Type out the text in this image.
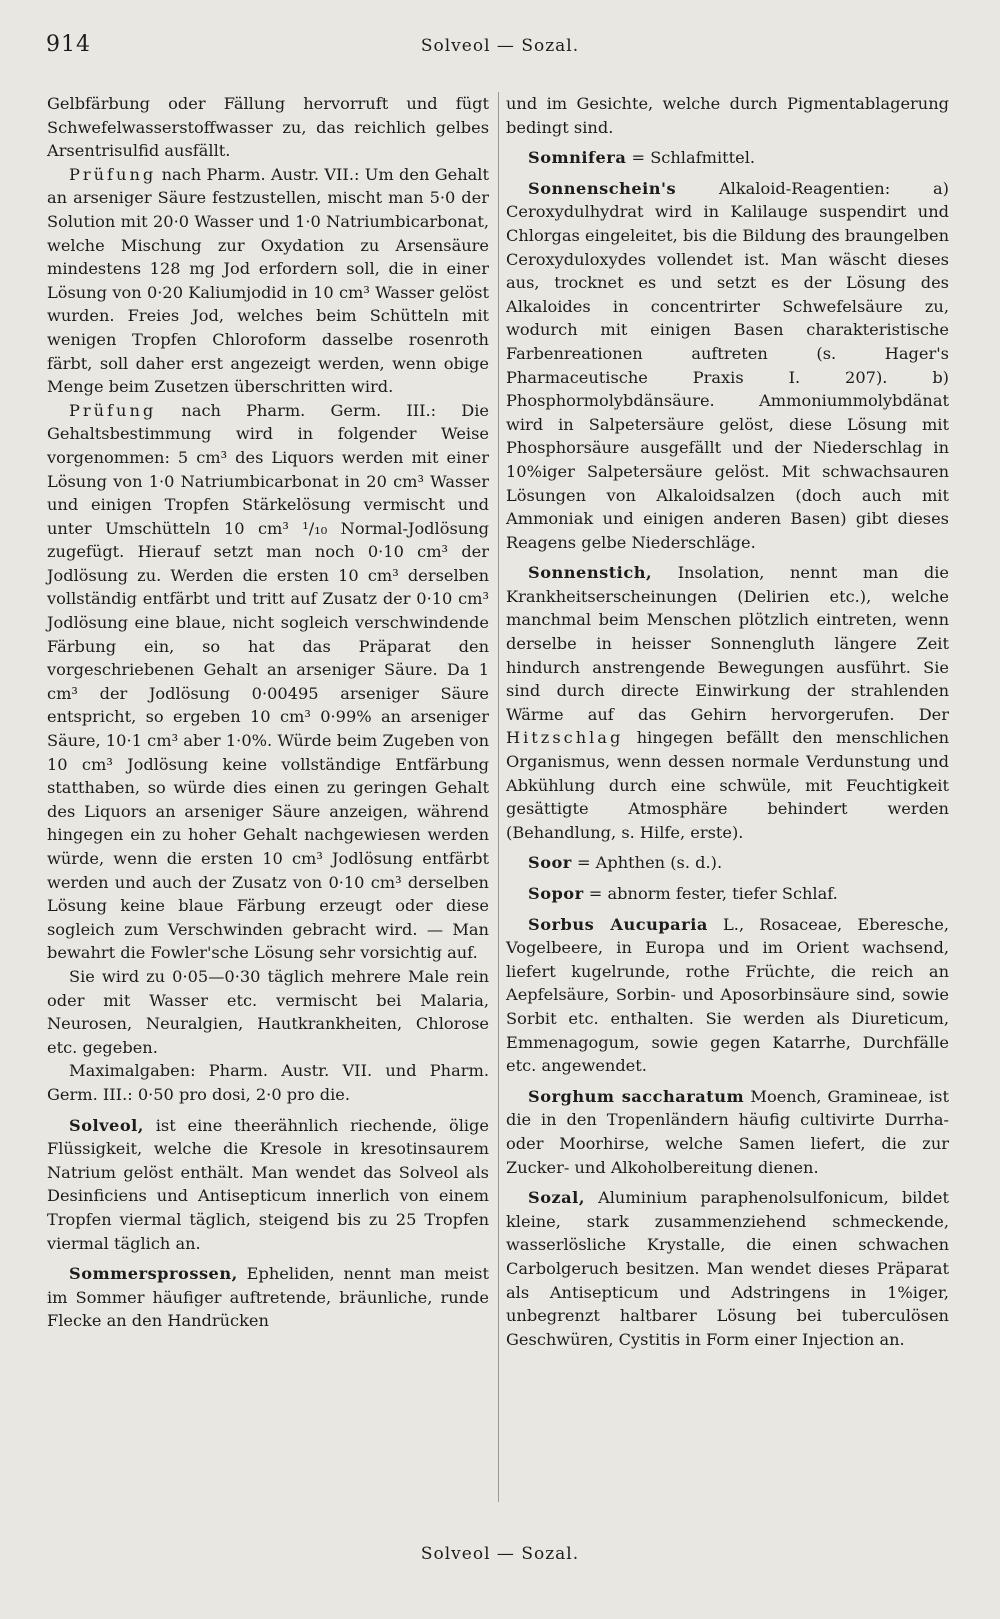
914	Solveol — Sozal.

Gelbfärbung oder Fällung hervorruft und fügt Schwefelwasserstoffwasser zu, das reichlich gelbes Arsentrisulfid ausfällt.

Prüfung nach Pharm. Austr. VII.: Um den Gehalt an arseniger Säure festzustellen, mischt man 5·0 der Solution mit 20·0 Wasser und 1·0 Natriumbicarbonat, welche Mischung zur Oxydation zu Arsensäure mindestens 128 mg Jod erfordern soll, die in einer Lösung von 0·20 Kaliumjodid in 10 cm³ Wasser gelöst wurden. Freies Jod, welches beim Schütteln mit wenigen Tropfen Chloroform dasselbe rosenroth färbt, soll daher erst angezeigt werden, wenn obige Menge beim Zusetzen überschritten wird.

Prüfung nach Pharm. Germ. III.: Die Gehaltsbestimmung wird in folgender Weise vorgenommen: 5 cm³ des Liquors werden mit einer Lösung von 1·0 Natriumbicarbonat in 20 cm³ Wasser und einigen Tropfen Stärkelösung vermischt und unter Umschütteln 10 cm³ ¹/₁₀ Normal-Jodlösung zugefügt. Hierauf setzt man noch 0·10 cm³ der Jodlösung zu. Werden die ersten 10 cm³ derselben vollständig entfärbt und tritt auf Zusatz der 0·10 cm³ Jodlösung eine blaue, nicht sogleich verschwindende Färbung ein, so hat das Präparat den vorgeschriebenen Gehalt an arseniger Säure. Da 1 cm³ der Jodlösung 0·00495 arseniger Säure entspricht, so ergeben 10 cm³ 0·99% an arseniger Säure, 10·1 cm³ aber 1·0%. Würde beim Zugeben von 10 cm³ Jodlösung keine vollständige Entfärbung statthaben, so würde dies einen zu geringen Gehalt des Liquors an arseniger Säure anzeigen, während hingegen ein zu hoher Gehalt nachgewiesen werden würde, wenn die ersten 10 cm³ Jodlösung entfärbt werden und auch der Zusatz von 0·10 cm³ derselben Lösung keine blaue Färbung erzeugt oder diese sogleich zum Verschwinden gebracht wird. — Man bewahrt die Fowler'sche Lösung sehr vorsichtig auf.

Sie wird zu 0·05—0·30 täglich mehrere Male rein oder mit Wasser etc. vermischt bei Malaria, Neurosen, Neuralgien, Hautkrankheiten, Chlorose etc. gegeben.

Maximalgaben: Pharm. Austr. VII. und Pharm. Germ. III.: 0·50 pro dosi, 2·0 pro die.

Solveol, ist eine theerähnlich riechende, ölige Flüssigkeit, welche die Kresole in kresotinsaurem Natrium gelöst enthält. Man wendet das Solveol als Desinficiens und Antisepticum innerlich von einem Tropfen viermal täglich, steigend bis zu 25 Tropfen viermal täglich an.

Sommersprossen, Epheliden, nennt man meist im Sommer häufiger auftretende, bräunliche, runde Flecke an den Handrücken

und im Gesichte, welche durch Pigmentablagerung bedingt sind.

Somnifera = Schlafmittel.

Sonnenschein's	Alkaloid-Reagentien: a) Ceroxydulhydrat wird in Kalilauge suspendirt und Chlorgas eingeleitet, bis die Bildung des braungelben Ceroxyduloxydes vollendet ist. Man wäscht dieses aus, trocknet es und setzt es der Lösung des Alkaloides in concentrirter Schwefelsäure zu, wodurch mit einigen Basen charakteristische Farbenreationen auftreten (s. Hager's Pharmaceutische Praxis I. 207). b) Phosphormolybdänsäure. Ammoniummolybdänat wird in Salpetersäure gelöst, diese Lösung mit Phosphorsäure ausgefällt und der Niederschlag in 10%iger Salpetersäure gelöst. Mit schwachsauren Lösungen von Alkaloidsalzen (doch auch mit Ammoniak und einigen anderen Basen) gibt dieses Reagens gelbe Niederschläge.

Sonnenstich, Insolation, nennt man die Krankheitserscheinungen (Delirien etc.), welche manchmal beim Menschen plötzlich eintreten, wenn derselbe in heisser Sonnengluth längere Zeit hindurch anstrengende Bewegungen ausführt. Sie sind durch directe Einwirkung der strahlenden Wärme auf das Gehirn hervorgerufen. Der Hitzschlag hingegen befällt den menschlichen Organismus, wenn dessen normale Verdunstung und Abkühlung durch eine schwüle, mit Feuchtigkeit gesättigte Atmosphäre behindert werden (Behandlung, s. Hilfe, erste).

Soor = Aphthen (s. d.).

Sopor = abnorm fester, tiefer Schlaf.

Sorbus Aucuparia L., Rosaceae, Eberesche, Vogelbeere, in Europa und im Orient wachsend, liefert kugelrunde, rothe Früchte, die reich an Aepfelsäure, Sorbin- und Aposorbinsäure sind, sowie Sorbit etc. enthalten. Sie werden als Diureticum, Emmenagogum, sowie gegen Katarrhe, Durchfälle etc. angewendet.

Sorghum saccharatum Moench, Gramineae, ist die in den Tropenländern häufig cultivirte Durrha- oder Moorhirse, welche Samen liefert, die zur Zucker- und Alkoholbereitung dienen.

Sozal, Aluminium paraphenolsulfonicum, bildet kleine, stark zusammenziehend schmeckende, wasserlösliche Krystalle, die einen schwachen Carbolgeruch besitzen. Man wendet dieses Präparat als Antisepticum und Adstringens in 1%iger, unbegrenzt haltbarer Lösung bei tuberculösen Geschwüren, Cystitis in Form einer Injection an.

Solveol — Sozal.
